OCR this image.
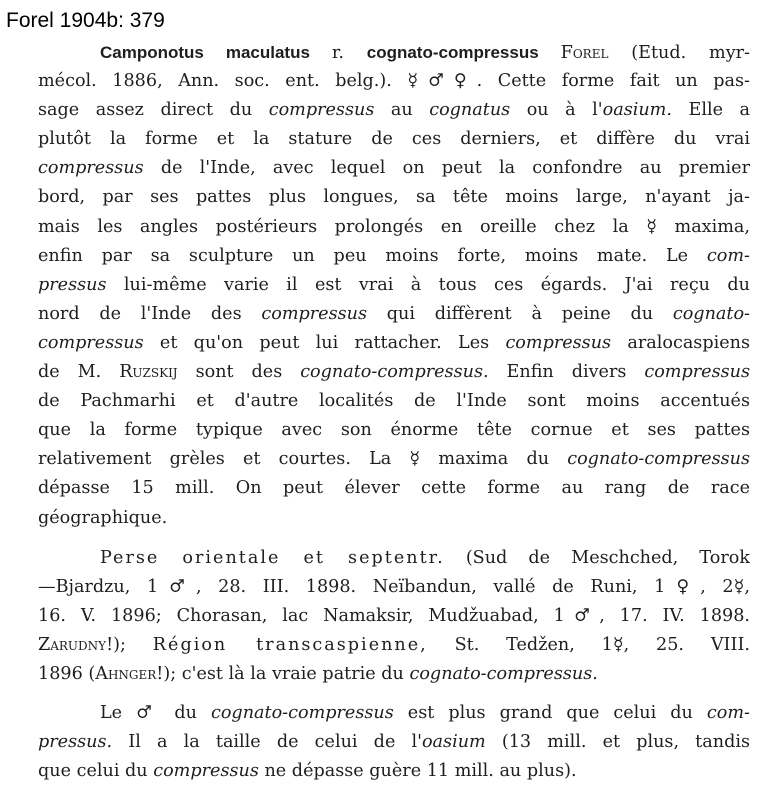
Forel 1904b: 379
Camponotus maculatus r. cognato-compressus Forel (Etud. myr-
mécol. 1886, Ann. soc. ent. belg.). ☿♂♀. Cette forme fait un pas-
sage assez direct du compressus au cognatus ou à l'oasium. Elle a
plutôt la forme et la stature de ces derniers, et diffère du vrai
compressus de l'Inde, avec lequel on peut la confondre au premier
bord, par ses pattes plus longues, sa tête moins large, n'ayant ja-
mais les angles postérieurs prolongés en oreille chez la ☿ maxima,
enfin par sa sculpture un peu moins forte, moins mate. Le com-
pressus lui-même varie il est vrai à tous ces égards. J'ai reçu du
nord de l'Inde des compressus qui diffèrent à peine du cognato-
compressus et qu'on peut lui rattacher. Les compressus aralocaspiens
de M. Ruzskij sont des cognato-compressus. Enfin divers compressus
de Pachmarhi et d'autre localités de l'Inde sont moins accentués
que la forme typique avec son énorme tête cornue et ses pattes
relativement grèles et courtes. La ☿ maxima du cognato-compressus
dépasse 15 mill. On peut élever cette forme au rang de race
géographique.
Perse orientale et septentr. (Sud de Meschched, Torok
—Bjardzu, 1♂, 28. III. 1898. Neïbandun, vallé de Runi, 1♀, 2☿,
16. V. 1896; Chorasan, lac Namaksir, Mudžuabad, 1♂, 17. IV. 1898.
Zarudny!); Région transcaspienne, St. Tedžen, 1☿, 25. VIII.
1896 (Ahnger!); c'est là la vraie patrie du cognato-compressus.
Le ♂ du cognato-compressus est plus grand que celui du com-
pressus. Il a la taille de celui de l'oasium (13 mill. et plus, tandis
que celui du compressus ne dépasse guère 11 mill. au plus).
